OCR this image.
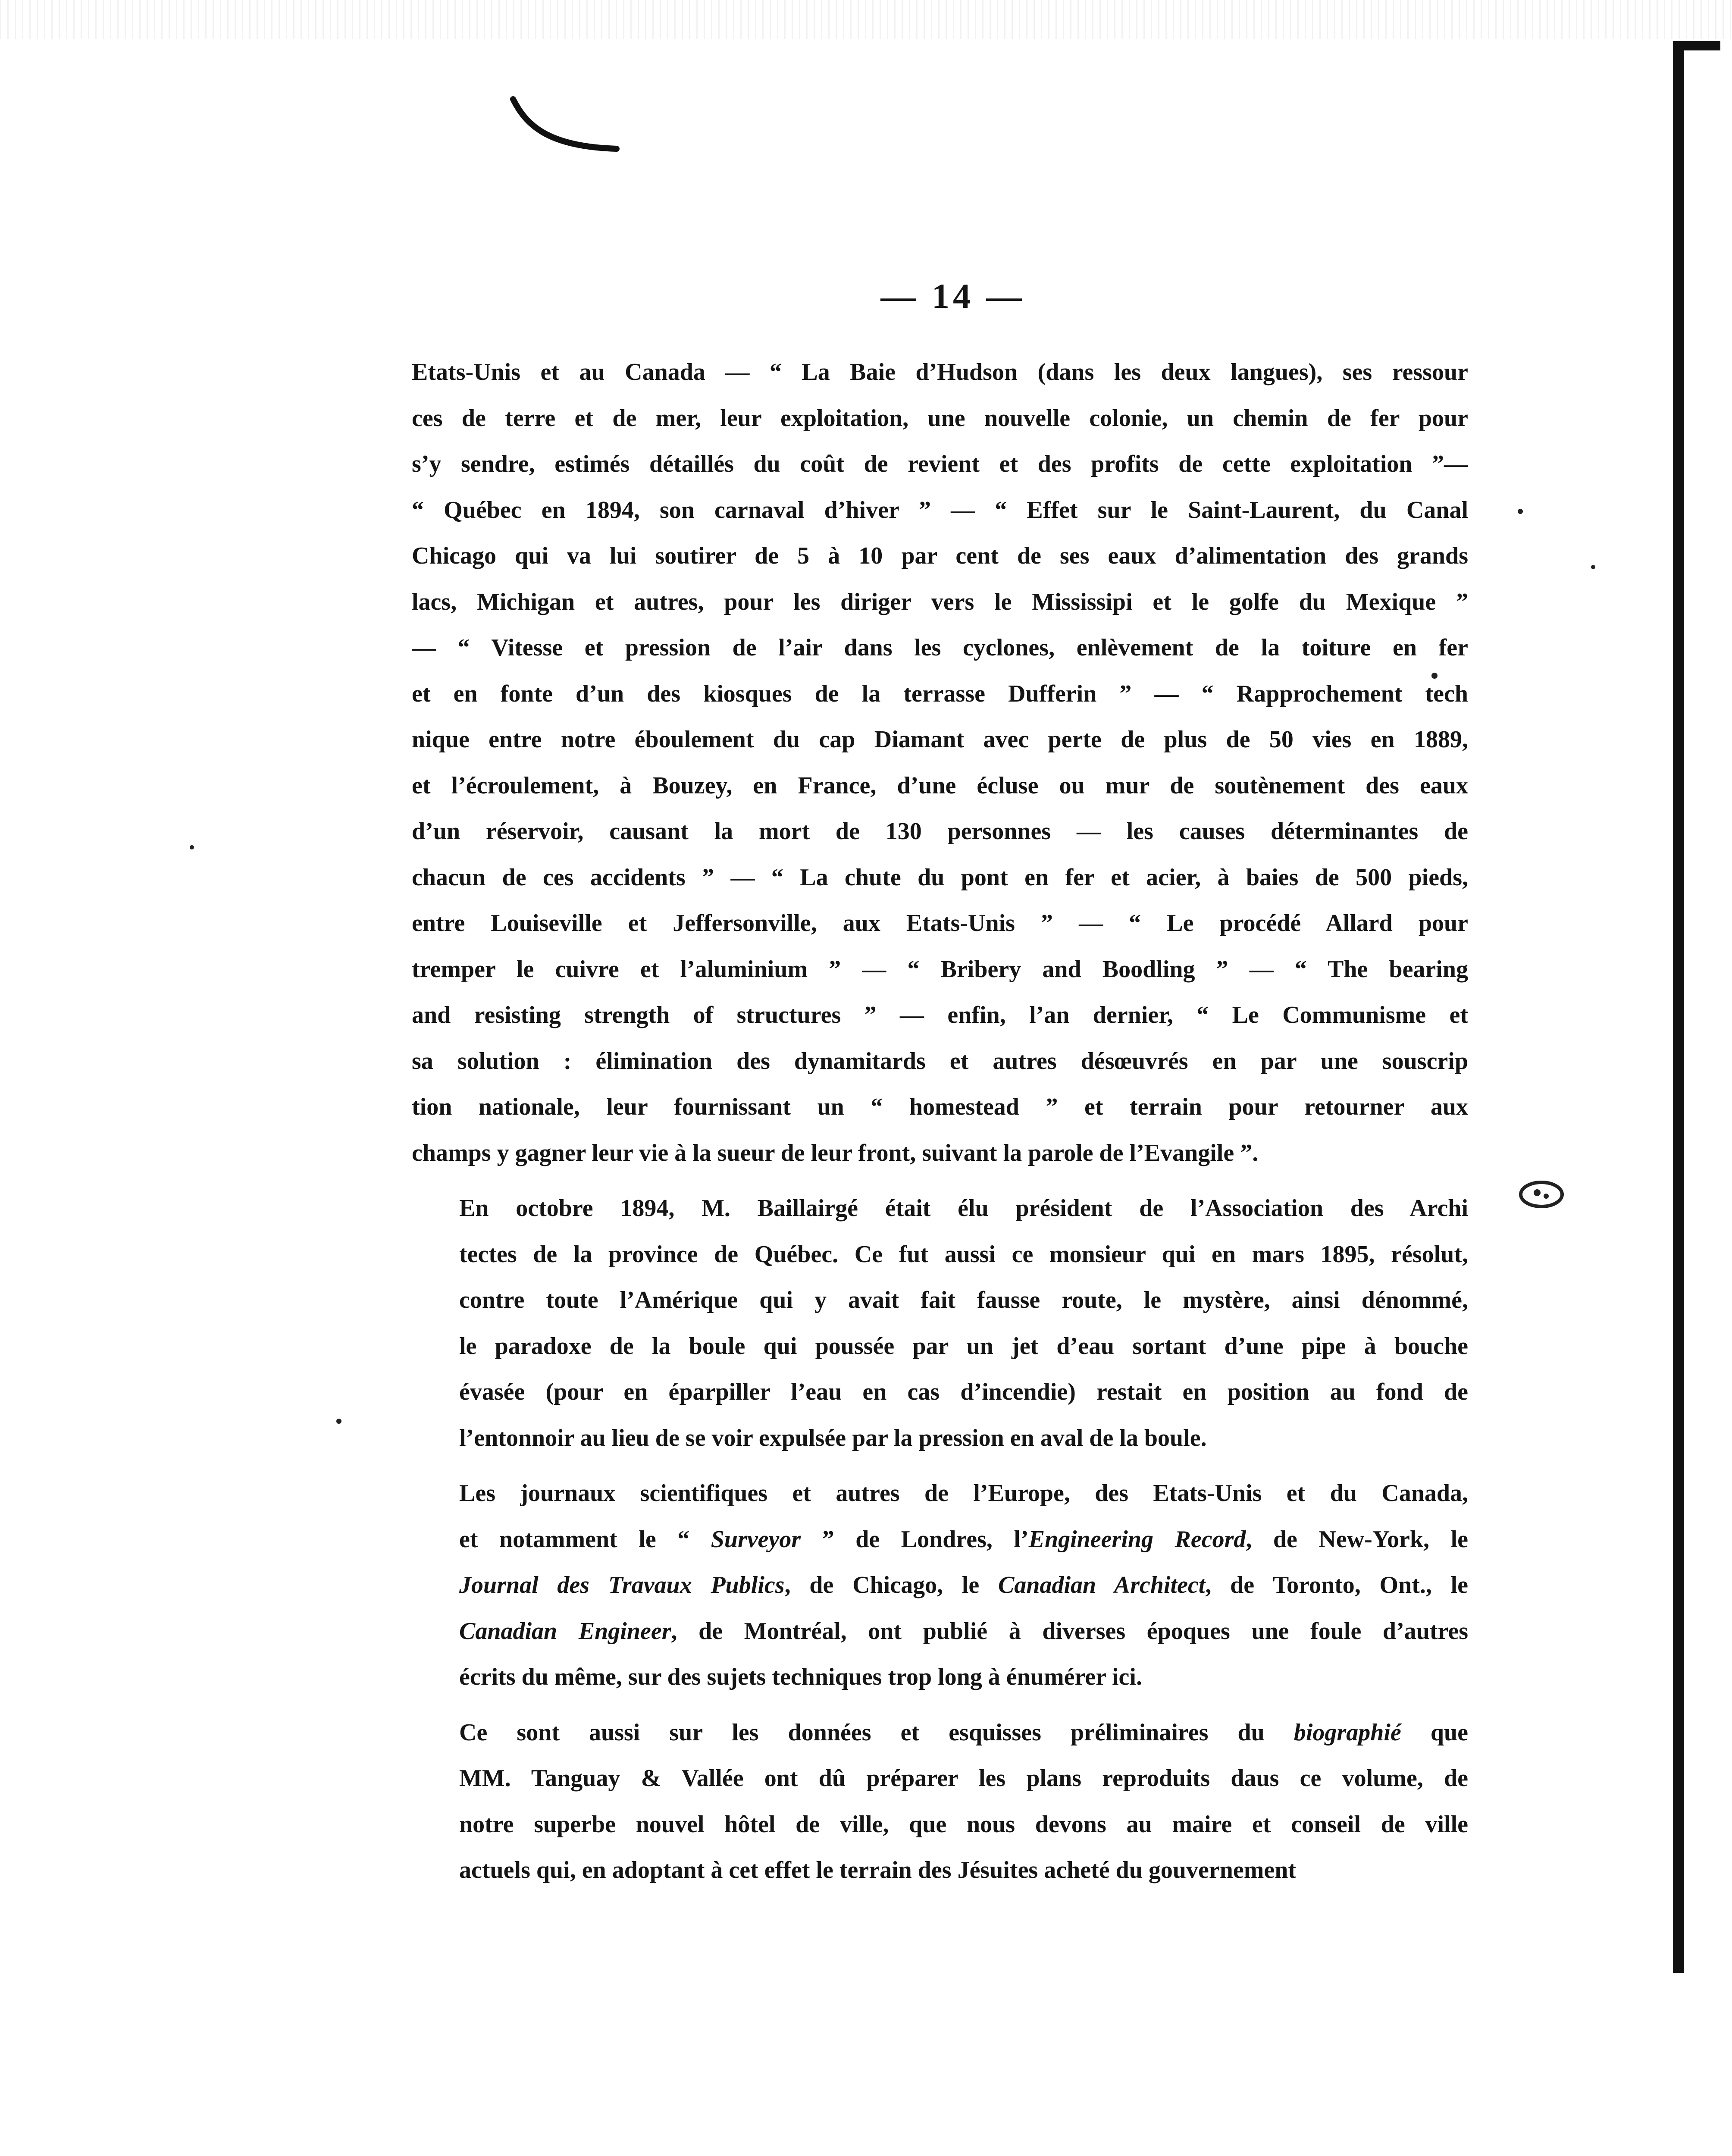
— 14 —

Etats-Unis et au Canada — “ La Baie d’Hudson (dans les deux langues), ses ressour
ces de terre et de mer, leur exploitation, une nouvelle colonie, un chemin de fer pour
s’y sendre, estimés détaillés du coût de revient et des profits de cette exploitation ”—
“ Québec en 1894, son carnaval d’hiver ” — “ Effet sur le Saint-Laurent, du Canal
Chicago qui va lui soutirer de 5 à 10 par cent de ses eaux d’alimentation des grands
lacs, Michigan et autres, pour les diriger vers le Mississipi et le golfe du Mexique ”
— “ Vitesse et pression de l’air dans les cyclones, enlèvement de la toiture en fer
et en fonte d’un des kiosques de la terrasse Dufferin ” — “ Rapprochement tech
nique entre notre éboulement du cap Diamant avec perte de plus de 50 vies en 1889,
et l’écroulement, à Bouzey, en France, d’une écluse ou mur de soutènement des eaux
d’un réservoir, causant la mort de 130 personnes — les causes déterminantes de
chacun de ces accidents ” — “ La chute du pont en fer et acier, à baies de 500 pieds,
entre Louiseville et Jeffersonville, aux Etats-Unis ” — “ Le procédé Allard pour
tremper le cuivre et l’aluminium ” — “ Bribery and Boodling ” — “ The bearing
and resisting strength of structures ” — enfin, l’an dernier, “ Le Communisme et
sa solution : élimination des dynamitards et autres désœuvrés en par une souscrip
tion nationale, leur fournissant un “ homestead ” et terrain pour retourner aux
champs y gagner leur vie à la sueur de leur front, suivant la parole de l’Evangile ”.

En octobre 1894, M. Baillairgé était élu président de l’Association des Archi
tectes de la province de Québec. Ce fut aussi ce monsieur qui en mars 1895, résolut,
contre toute l’Amérique qui y avait fait fausse route, le mystère, ainsi dénommé,
le paradoxe de la boule qui poussée par un jet d’eau sortant d’une pipe à bouche
évasée (pour en éparpiller l’eau en cas d’incendie) restait en position au fond de
l’entonnoir au lieu de se voir expulsée par la pression en aval de la boule.

Les journaux scientifiques et autres de l’Europe, des Etats-Unis et du Canada,
et notamment le “ Surveyor ” de Londres, l’Engineering Record, de New-York, le
Journal des Travaux Publics, de Chicago, le Canadian Architect, de Toronto, Ont., le
Canadian Engineer, de Montréal, ont publié à diverses époques une foule d’autres
écrits du même, sur des sujets techniques trop long à énumérer ici.

Ce sont aussi sur les données et esquisses préliminaires du biographié que
MM. Tanguay & Vallée ont dû préparer les plans reproduits daus ce volume, de
notre superbe nouvel hôtel de ville, que nous devons au maire et conseil de ville
actuels qui, en adoptant à cet effet le terrain des Jésuites acheté du gouvernement
